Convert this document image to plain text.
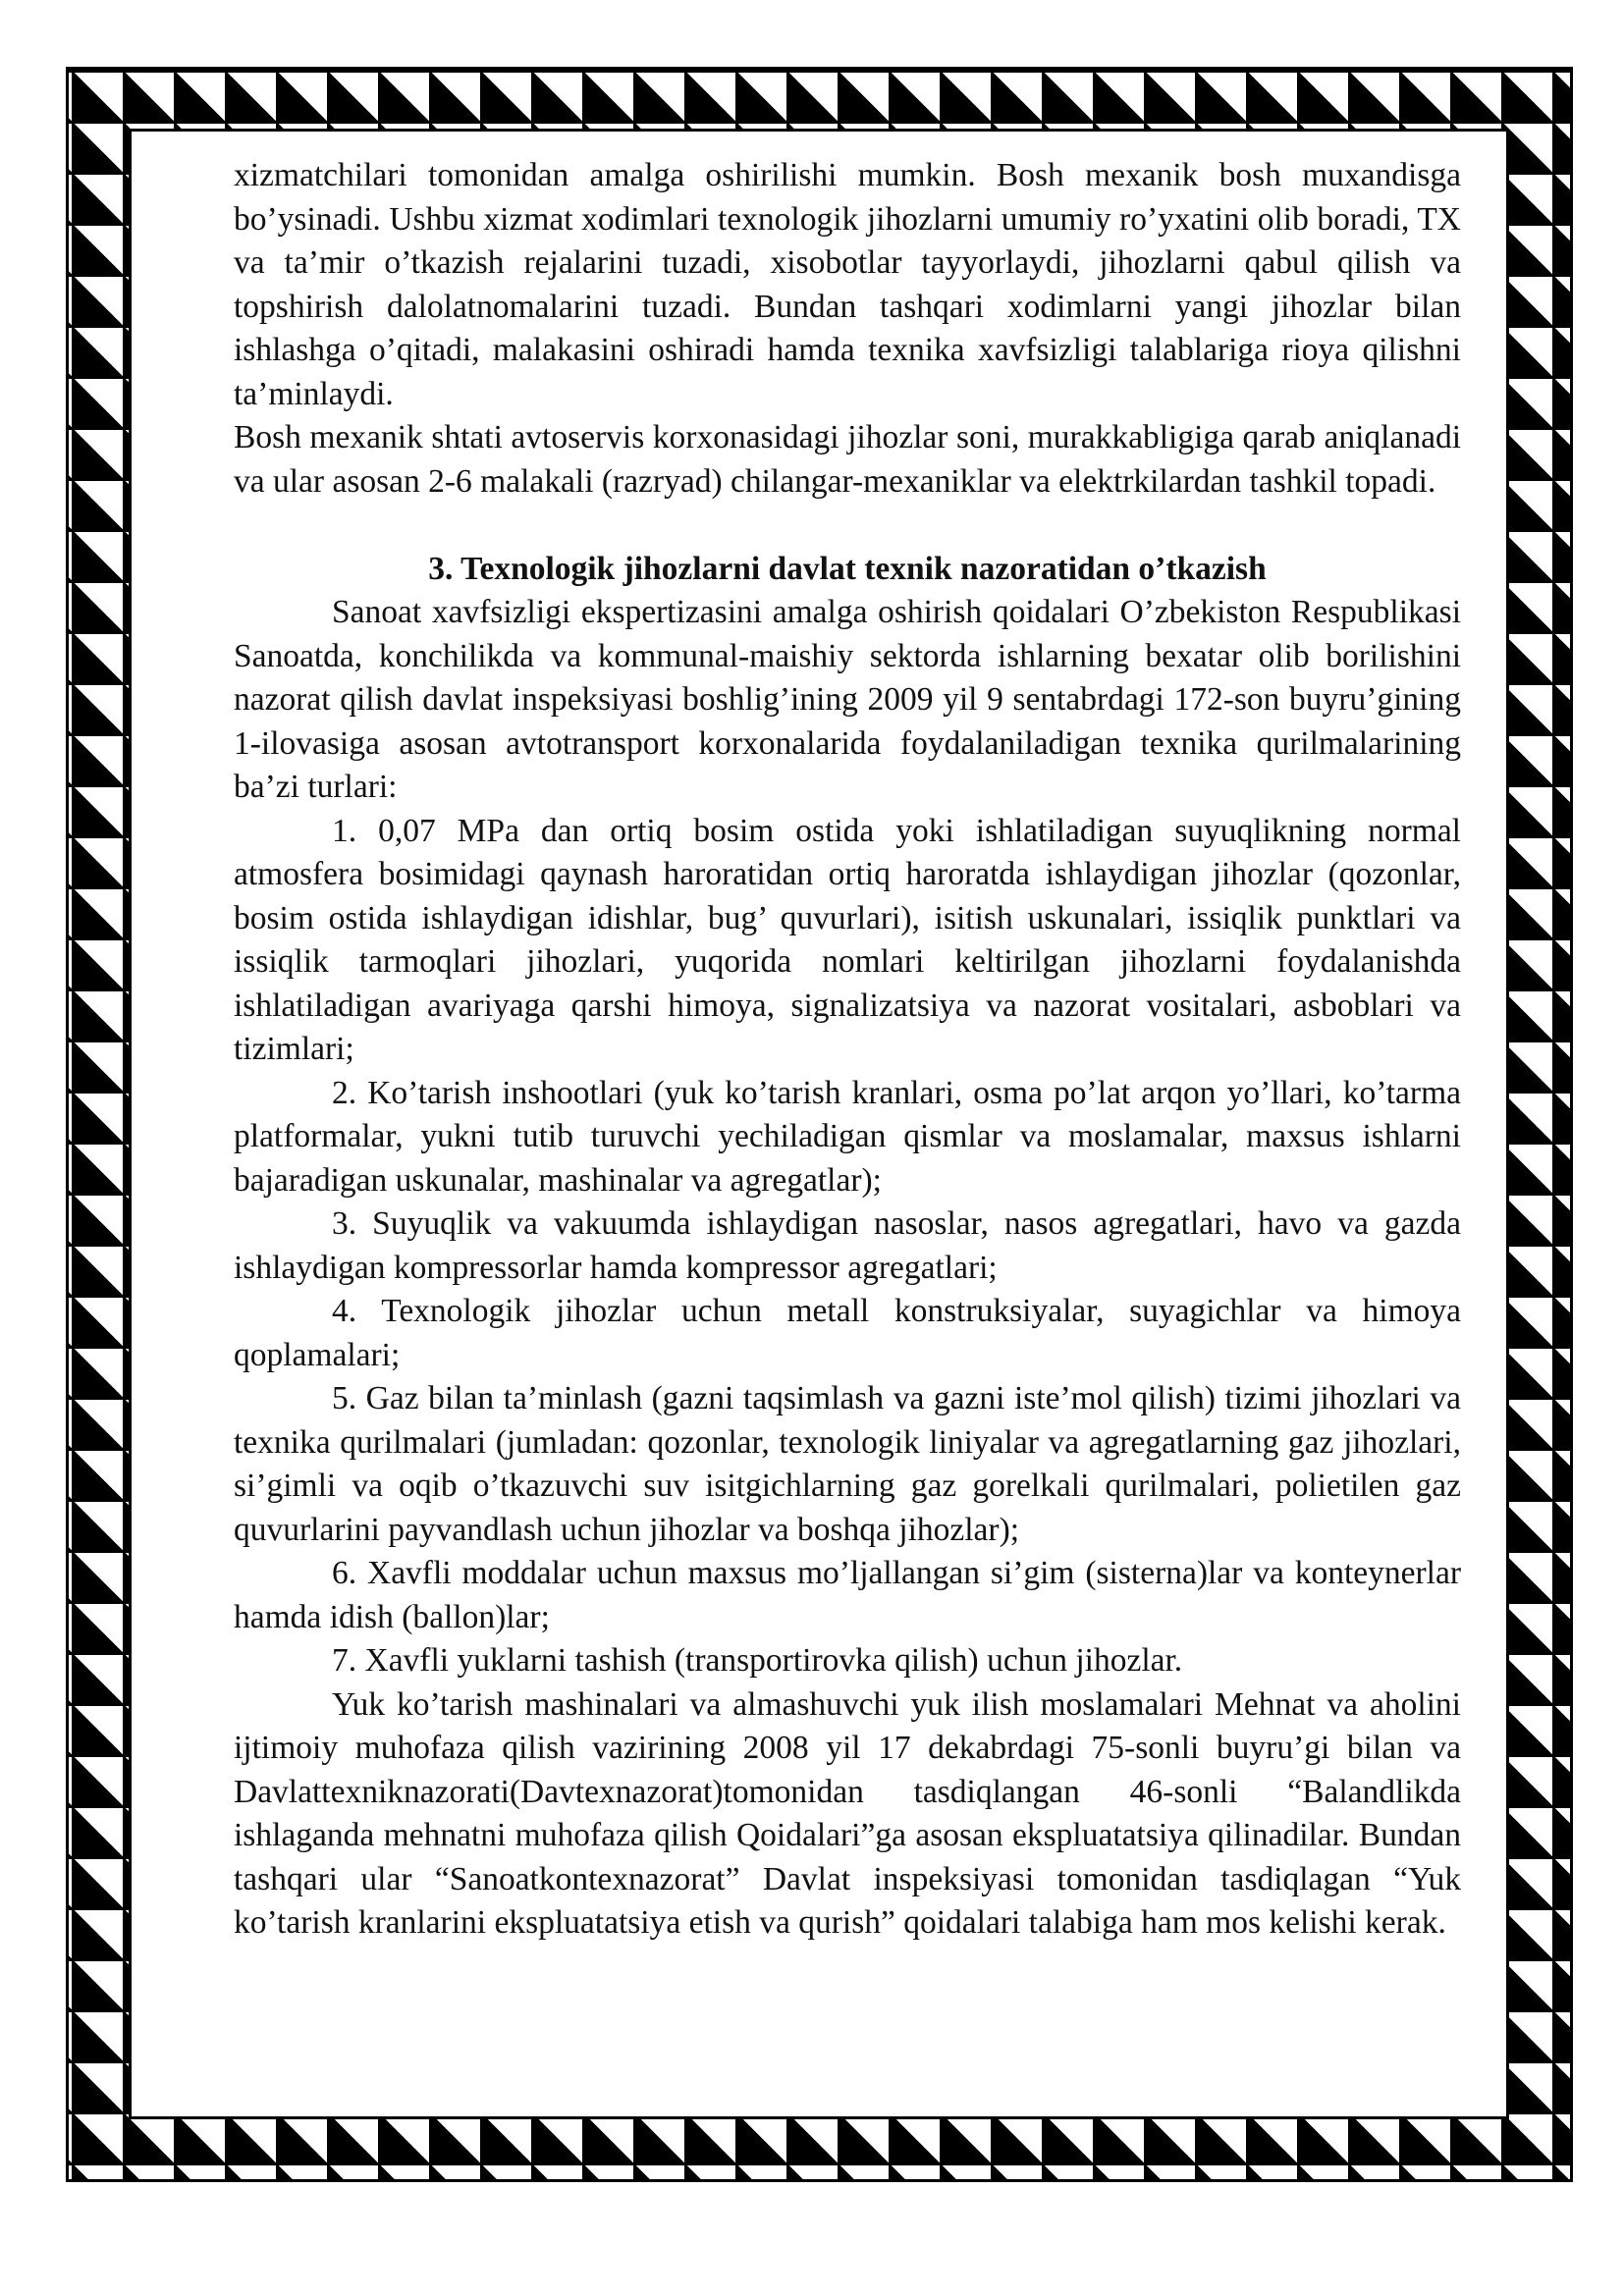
xizmatchilari tomonidan amalga oshirilishi mumkin. Bosh mexanik bosh muxandisga bo’ysinadi. Ushbu xizmat xodimlari texnologik jihozlarni umumiy ro’yxatini olib boradi, TX va ta’mir o’tkazish rejalarini tuzadi, xisobotlar tayyorlaydi, jihozlarni qabul qilish va topshirish dalolatnomalarini tuzadi. Bundan tashqari xodimlarni yangi jihozlar bilan ishlashga o’qitadi, malakasini oshiradi hamda texnika xavfsizligi talablariga rioya qilishni ta’minlaydi.

Bosh mexanik shtati avtoservis korxonasidagi jihozlar soni, murakkabligiga qarab aniqlanadi va ular asosan 2-6 malakali (razryad) chilangar-mexaniklar va elektrkilardan tashkil topadi.

3. Texnologik jihozlarni davlat texnik nazoratidan o’tkazish

Sanoat xavfsizligi ekspertizasini amalga oshirish qoidalari O’zbekiston Respublikasi Sanoatda, konchilikda va kommunal-maishiy sektorda ishlarning bexatar olib borilishini nazorat qilish davlat inspeksiyasi boshlig’ining 2009 yil 9 sentabrdagi 172-son buyru’gining 1-ilovasiga asosan avtotransport korxonalarida foydalaniladigan texnika qurilmalarining ba’zi turlari:

1. 0,07 MPa dan ortiq bosim ostida yoki ishlatiladigan suyuqlikning normal atmosfera bosimidagi qaynash haroratidan ortiq haroratda ishlaydigan jihozlar (qozonlar, bosim ostida ishlaydigan idishlar, bug’ quvurlari), isitish uskunalari, issiqlik punktlari va issiqlik tarmoqlari jihozlari, yuqorida nomlari keltirilgan jihozlarni foydalanishda ishlatiladigan avariyaga qarshi himoya, signalizatsiya va nazorat vositalari, asboblari va tizimlari;

2. Ko’tarish inshootlari (yuk ko’tarish kranlari, osma po’lat arqon yo’llari, ko’tarma platformalar, yukni tutib turuvchi yechiladigan qismlar va moslamalar, maxsus ishlarni bajaradigan uskunalar, mashinalar va agregatlar);

3. Suyuqlik va vakuumda ishlaydigan nasoslar, nasos agregatlari, havo va gazda ishlaydigan kompressorlar hamda kompressor agregatlari;

4. Texnologik jihozlar uchun metall konstruksiyalar, suyagichlar va himoya qoplamalari;

5. Gaz bilan ta’minlash (gazni taqsimlash va gazni iste’mol qilish) tizimi jihozlari va texnika qurilmalari (jumladan: qozonlar, texnologik liniyalar va agregatlarning gaz jihozlari, si’gimli va oqib o’tkazuvchi suv isitgichlarning gaz gorelkali qurilmalari, polietilen gaz quvurlarini payvandlash uchun jihozlar va boshqa jihozlar);

6. Xavfli moddalar uchun maxsus mo’ljallangan si’gim (sisterna)lar va konteynerlar hamda idish (ballon)lar;

7. Xavfli yuklarni tashish (transportirovka qilish) uchun jihozlar.

Yuk ko’tarish mashinalari va almashuvchi yuk ilish moslamalari Mehnat va aholini ijtimoiy muhofaza qilish vazirining 2008 yil 17 dekabrdagi 75-sonli buyru’gi bilan va Davlattexniknazorati(Davtexnazorat)tomonidan tasdiqlangan 46-sonli “Balandlikda ishlaganda mehnatni muhofaza qilish Qoidalari”ga asosan ekspluatatsiya qilinadilar. Bundan tashqari ular “Sanoatkontexnazorat” Davlat inspeksiyasi tomonidan tasdiqlagan “Yuk ko’tarish kranlarini ekspluatatsiya etish va qurish” qoidalari talabiga ham mos kelishi kerak.
